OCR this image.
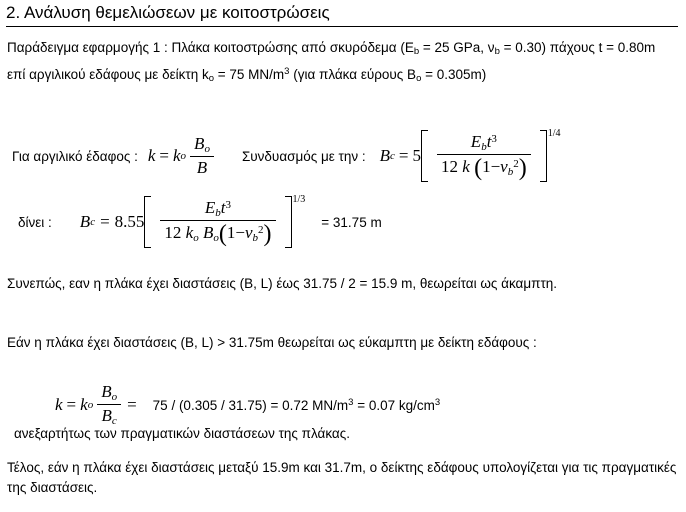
2. Ανάλυση θεμελιώσεων με κοιτοστρώσεις
Παράδειγμα εφαρμογής 1 : Πλάκα κοιτοστρώσης από σκυρόδεμα ($E_b = 25$ GPa, $\nu_b = 0.30$) πάχους t = 0.80m επί αργιλικού εδάφους με δείκτη $k_o = 75$ $MN/m^3$ (για πλάκα εύρους $B_o = 0.305m$)
Για αργιλικό έδαφος : k = k o $\frac{Bo}{B}$ Συνδυασμός με την : B $c = 5 \frac{Ebt^3}{12 k (1-\nu b^2)} 1/4$
δίνει : B $c = 8.55 \frac{Ebt^3}{12 ko Bo(1-\nu b^2)} 1/3$
= 31.75 m
Συνεπώς, εαν η πλάκα έχει διαστάσεις (B, L) έως 31.75 / 2 = 15.9 m, θεωρείται ως άκαμπτη.
Εάν η πλάκα έχει διαστάσεις (B, L) > 31.75m θεωρείται ως εύκαμπτη με δείκτη εδάφους :
k = k o $\frac{Bo}{Bc} = 75 / (0.305 / 31.75) = 0.72$ $MN/m^3 = 0.07$ $kg/cm^3$
ανεξαρτήτως των πραγματικών διαστάσεων της πλάκας.
Τέλος, εάν η πλάκα έχει διαστάσεις μεταξύ 15.9m και 31.7m, ο δείκτης εδάφους υπολογίζεται για τις πραγματικές της διαστάσεις.
